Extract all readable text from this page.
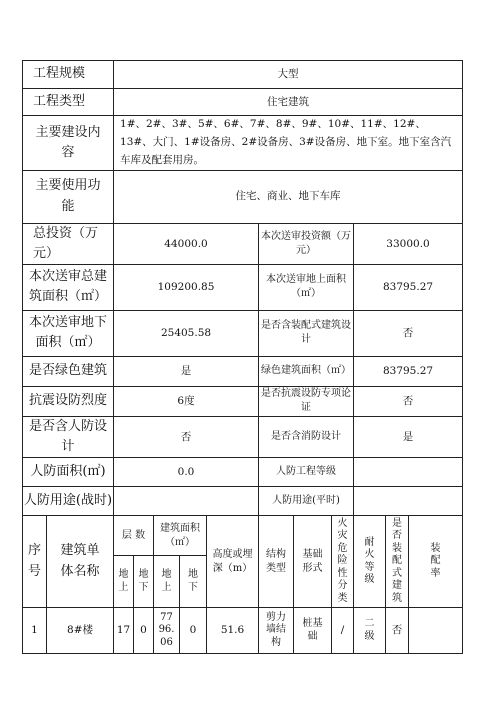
工程规模		大型										
工程类型		住宅建筑										
主要建设内容		1#、2#、3#、5#、6#、7#、8#、9#、10#、11#、12#、13#、大门、1#设备房、2#设备房、3#设备房、地下室。地下室含汽车库及配套用房。										
主要使用功能		住宅、商业、地下车库										
总投资（万元）		44000.0					本次送审投资额（万元）			33000.0		
本次送审总建筑面积（㎡）		109200.85					本次送审地上面积（㎡）			83795.27		
本次送审地下面积（㎡）		25405.58					是否含装配式建筑设计			否		
是否绿色建筑		是					绿色建筑面积（㎡）			83795.27		
抗震设防烈度		6度					是否抗震设防专项论证			否		
是否含人防设计		否					是否含消防设计			是		
人防面积(㎡)		0.0					人防工程等级					
人防用途(战时)							人防用途(平时)					
序号	建筑单体名称	层 数		建筑面积（㎡）		高度或埋深（m）	结构类型	基础形式	火灾危险性分类	耐火等级	是否装配式建筑	装配率
		地上	地下	地上	地下							
1	8#楼	17	0	7796.06	0	51.6	剪力墙结构	桩基础	/	二级	否	
